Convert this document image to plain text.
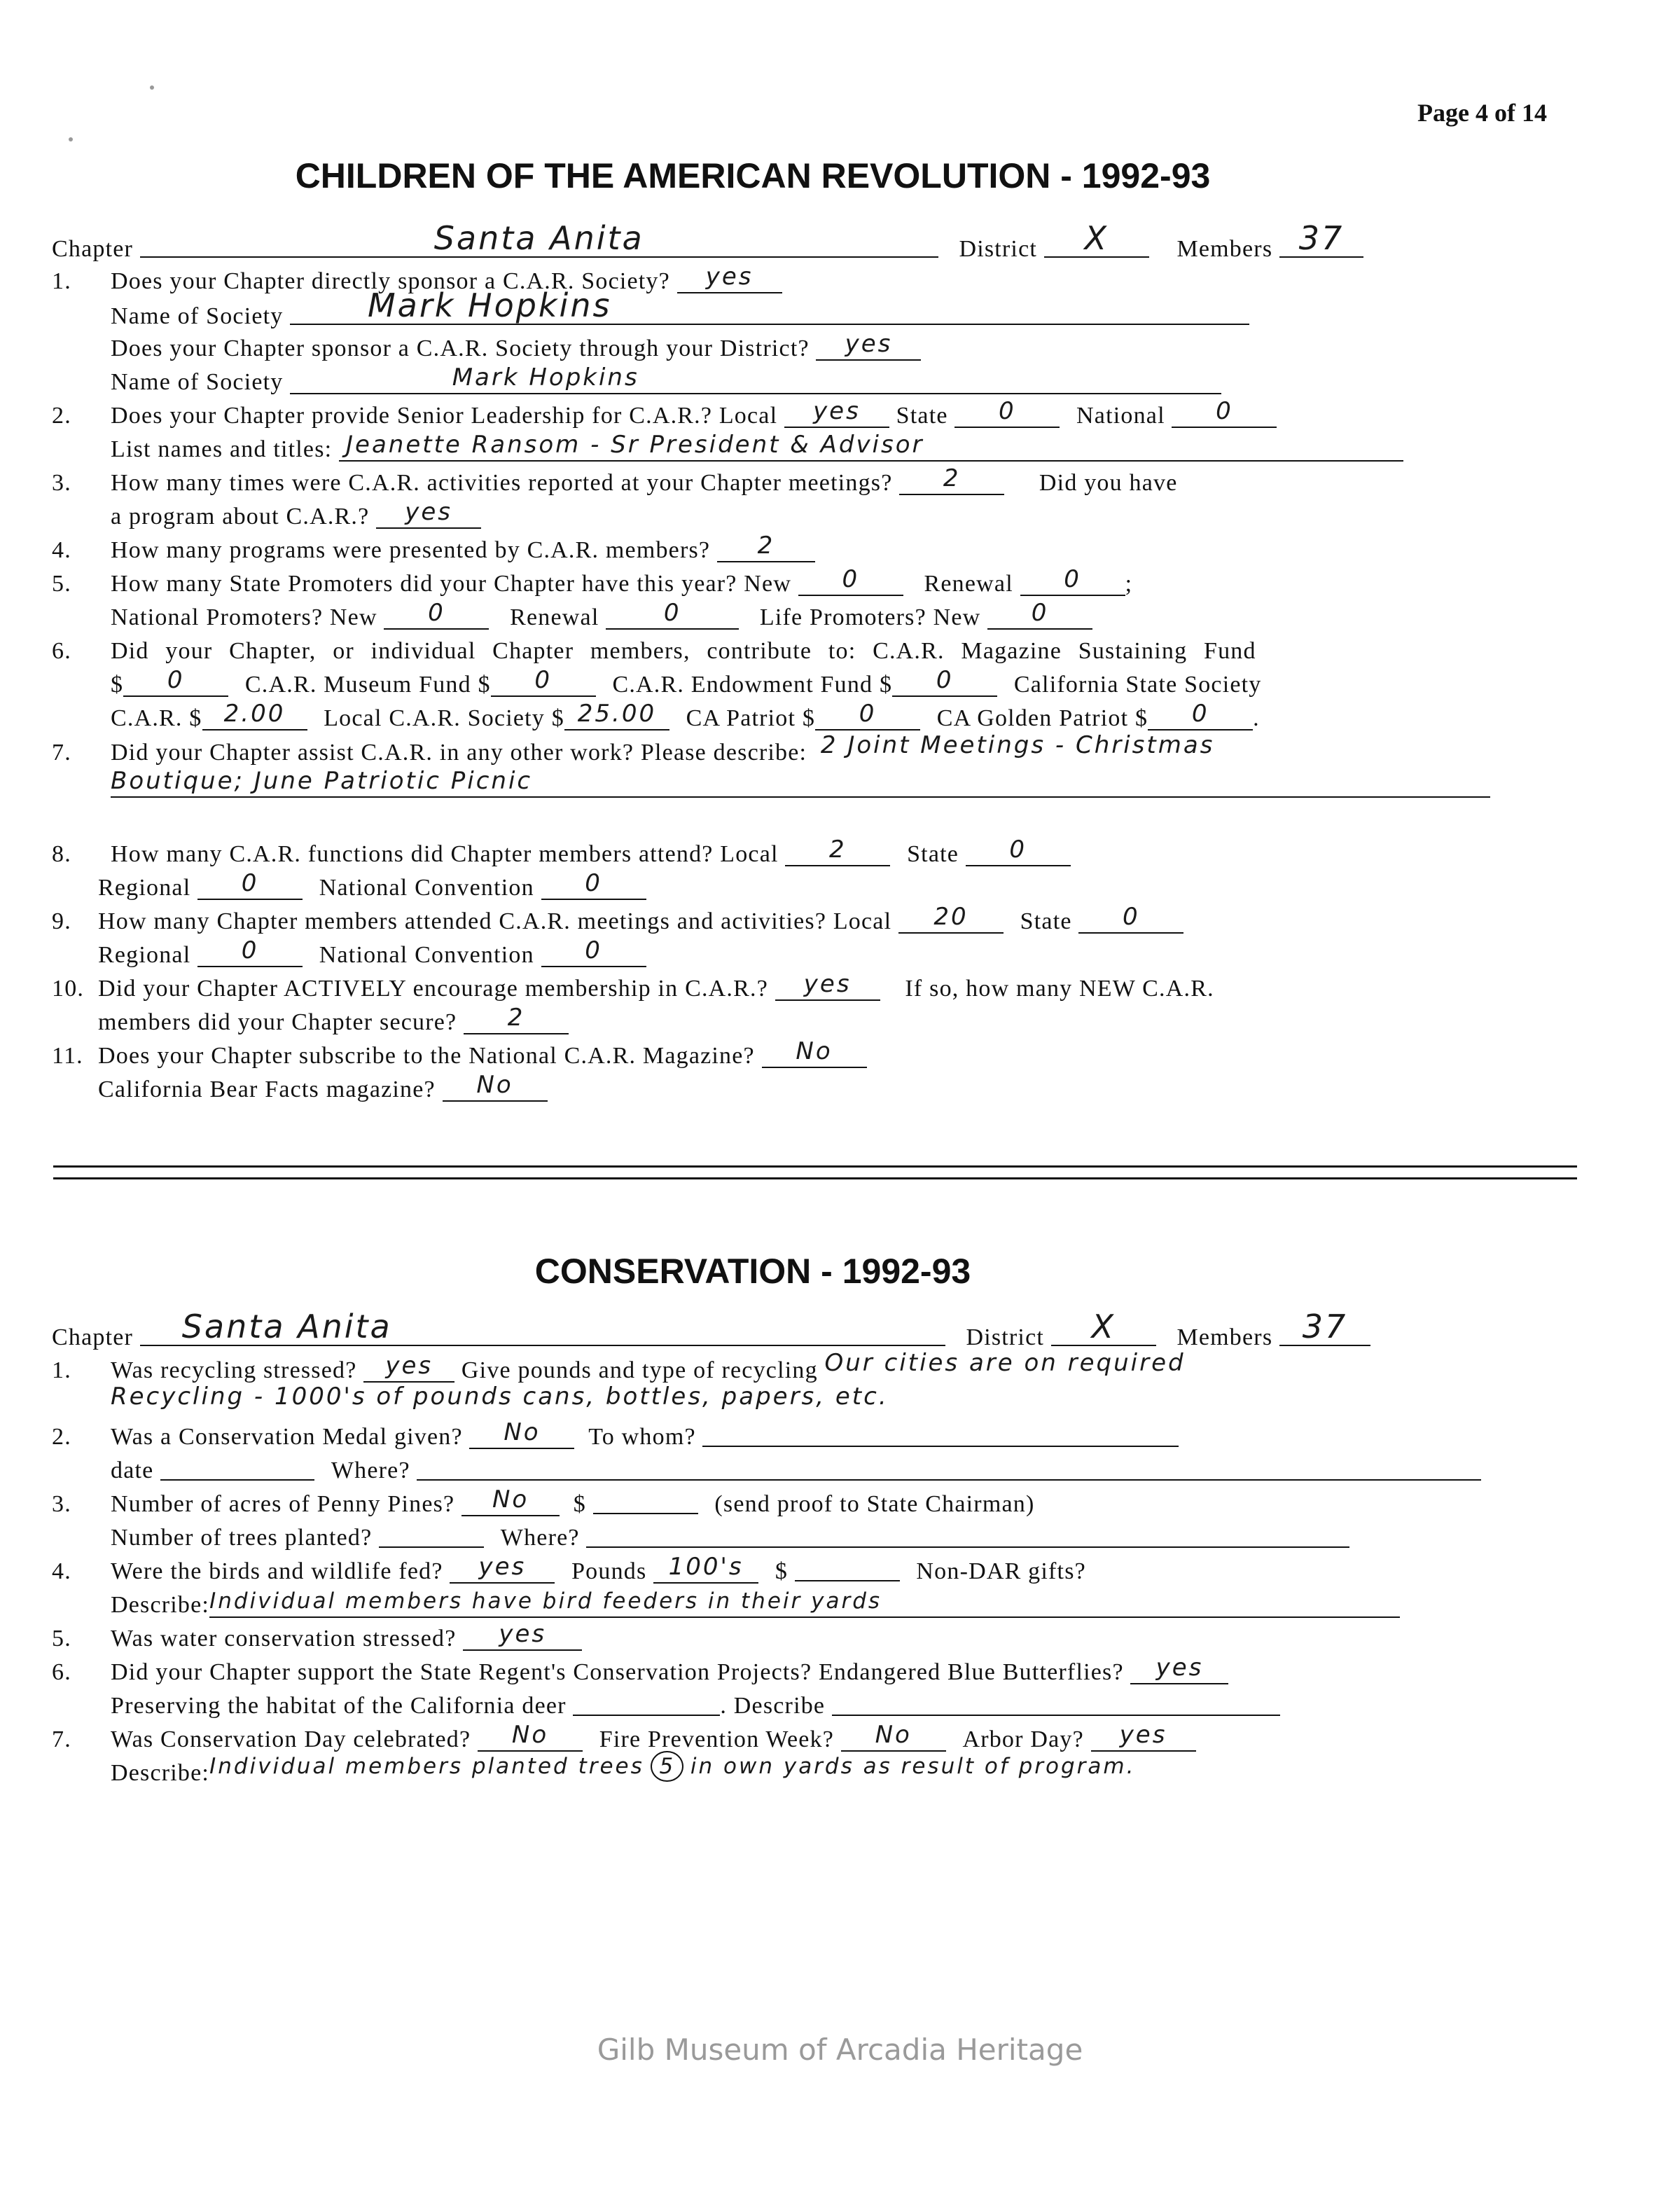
Page 4 of 14
CHILDREN OF THE AMERICAN REVOLUTION - 1992-93
Chapter	Santa Anita	District X	Members 37
1. Does your Chapter directly sponsor a C.A.R. Society? yes
Name of Society	Mark Hopkins
Does your Chapter sponsor a C.A.R. Society through your District? yes
Name of Society	Mark Hopkins
2. Does your Chapter provide Senior Leadership for C.A.R.? Local yes State 0	National 0
List names and titles: Jeanette Ransom - Sr President & Advisor
3. How many times were C.A.R. activities reported at your Chapter meetings? 2	Did you have
a program about C.A.R.? yes
4. How many programs were presented by C.A.R. members? 2
5. How many State Promoters did your Chapter have this year? New 0	Renewal 0 ;
National Promoters? New 0	Renewal	0	Life Promoters? New 0
6. Did your Chapter, or individual Chapter members, contribute to: C.A.R. Magazine Sustaining Fund
$ 0	C.A.R. Museum Fund $ 0	C.A.R. Endowment Fund $ 0	California State Society
C.A.R. $ 2.00 Local C.A.R. Society $ 25.00 CA Patriot $ 0	CA Golden Patriot $ 0 .
7. Did your Chapter assist C.A.R. in any other work? Please describe: 2 Joint Meetings - Christmas
Boutique; June Patriotic Picnic
8. How many C.A.R. functions did Chapter members attend? Local 2	State 0
Regional 0	National Convention 0
9. How many Chapter members attended C.A.R. meetings and activities? Local 20 State 0
Regional 0	National Convention 0
10. Did your Chapter ACTIVELY encourage membership in C.A.R.? yes If so, how many NEW C.A.R.
members did your Chapter secure? 2
11. Does your Chapter subscribe to the National C.A.R. Magazine? No
California Bear Facts magazine? No
CONSERVATION - 1992-93
Chapter Santa Anita	District X	Members 37
1. Was recycling stressed? yes Give pounds and type of recycling Our cities are on required
Recycling - 1000's of pounds cans, bottles, papers, etc.
2. Was a Conservation Medal given? No To whom?
date	Where?
3. Number of acres of Penny Pines? No $	(send proof to State Chairman)
Number of trees planted?	Where?
4. Were the birds and wildlife fed? yes Pounds 100's $	Non-DAR gifts?
Describe:Individual members have bird feeders in their yards
5. Was water conservation stressed? yes
6. Did your Chapter support the State Regent's Conservation Projects? Endangered Blue Butterflies? yes
Preserving the habitat of the California deer	. Describe
7. Was Conservation Day celebrated? No Fire Prevention Week? No Arbor Day? yes
Describe:Individual members planted trees 5 in own yards as result of program.
Gilb Museum of Arcadia Heritage
